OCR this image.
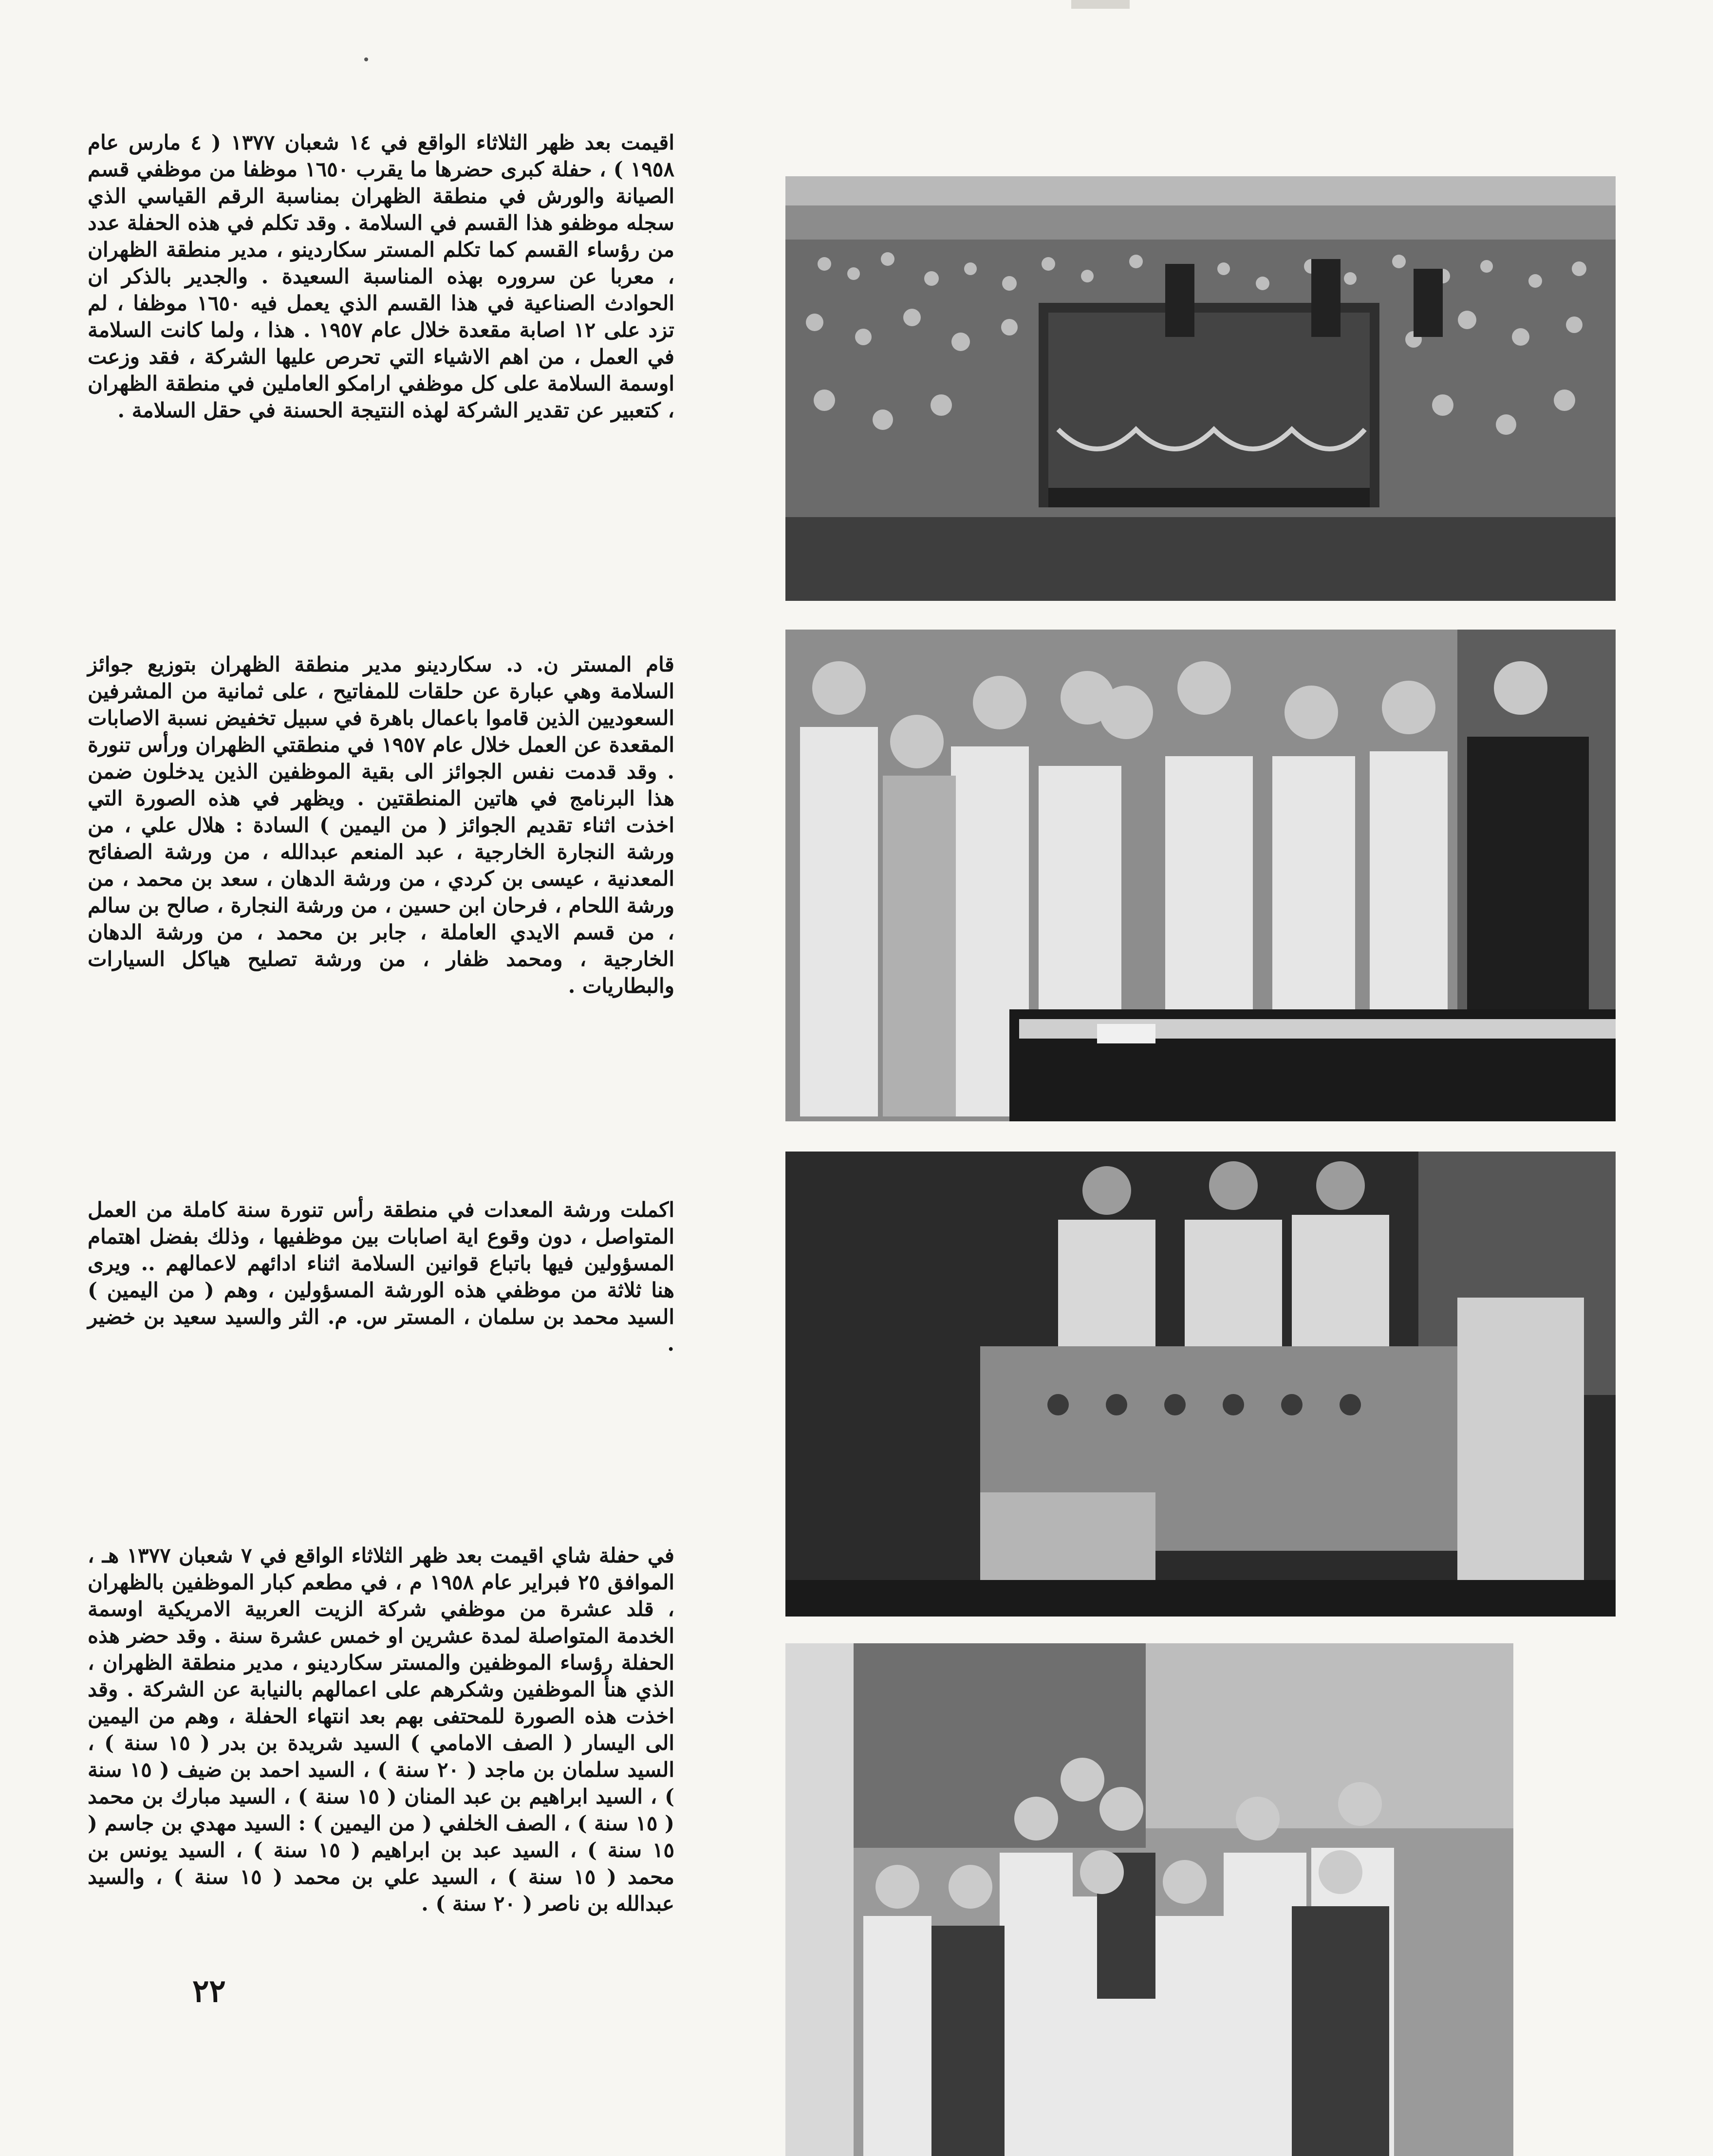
اقيمت بعد ظهر الثلاثاء الواقع في ١٤ شعبان ١٣٧٧ ( ٤ مارس عام ١٩٥٨ ) ، حفلة كبرى حضرها ما يقرب ١٦٥٠ موظفا من موظفي قسم الصيانة والورش في منطقة الظهران بمناسبة الرقم القياسي الذي سجله موظفو هذا القسم في السلامة . وقد تكلم في هذه الحفلة عدد من رؤساء القسم كما تكلم المستر سكاردينو ، مدير منطقة الظهران ، معربا عن سروره بهذه المناسبة السعيدة . والجدير بالذكر ان الحوادث الصناعية في هذا القسم الذي يعمل فيه ١٦٥٠ موظفا ، لم تزد على ١٢ اصابة مقعدة خلال عام ١٩٥٧ . هذا ، ولما كانت السلامة في العمل ، من اهم الاشياء التي تحرص عليها الشركة ، فقد وزعت اوسمة السلامة على كل موظفي ارامكو العاملين في منطقة الظهران ، كتعبير عن تقدير الشركة لهذه النتيجة الحسنة في حقل السلامة .

قام المستر ن. د. سكاردينو مدير منطقة الظهران بتوزيع جوائز السلامة وهي عبارة عن حلقات للمفاتيح ، على ثمانية من المشرفين السعوديين الذين قاموا باعمال باهرة في سبيل تخفيض نسبة الاصابات المقعدة عن العمل خلال عام ١٩٥٧ في منطقتي الظهران ورأس تنورة . وقد قدمت نفس الجوائز الى بقية الموظفين الذين يدخلون ضمن هذا البرنامج في هاتين المنطقتين . ويظهر في هذه الصورة التي اخذت اثناء تقديم الجوائز ( من اليمين ) السادة : هلال علي ، من ورشة النجارة الخارجية ، عبد المنعم عبدالله ، من ورشة الصفائح المعدنية ، عيسى بن كردي ، من ورشة الدهان ، سعد بن محمد ، من ورشة اللحام ، فرحان ابن حسين ، من ورشة النجارة ، صالح بن سالم ، من قسم الايدي العاملة ، جابر بن محمد ، من ورشة الدهان الخارجية ، ومحمد ظفار ، من ورشة تصليح هياكل السيارات والبطاريات .

اكملت ورشة المعدات في منطقة رأس تنورة سنة كاملة من العمل المتواصل ، دون وقوع اية اصابات بين موظفيها ، وذلك بفضل اهتمام المسؤولين فيها باتباع قوانين السلامة اثناء ادائهم لاعمالهم .. ويرى هنا ثلاثة من موظفي هذه الورشة المسؤولين ، وهم ( من اليمين ) السيد محمد بن سلمان ، المستر س. م. الثر والسيد سعيد بن خضير .

في حفلة شاي اقيمت بعد ظهر الثلاثاء الواقع في ٧ شعبان ١٣٧٧ هـ ، الموافق ٢٥ فبراير عام ١٩٥٨ م ، في مطعم كبار الموظفين بالظهران ، قلد عشرة من موظفي شركة الزيت العربية الامريكية اوسمة الخدمة المتواصلة لمدة عشرين او خمس عشرة سنة . وقد حضر هذه الحفلة رؤساء الموظفين والمستر سكاردينو ، مدير منطقة الظهران ، الذي هنأ الموظفين وشكرهم على اعمالهم بالنيابة عن الشركة . وقد اخذت هذه الصورة للمحتفى بهم بعد انتهاء الحفلة ، وهم من اليمين الى اليسار ( الصف الامامي ) السيد شريدة بن بدر ( ١٥ سنة ) ، السيد سلمان بن ماجد ( ٢٠ سنة ) ، السيد احمد بن ضيف ( ١٥ سنة ) ، السيد ابراهيم بن عبد المنان ( ١٥ سنة ) ، السيد مبارك بن محمد ( ١٥ سنة ) ، الصف الخلفي ( من اليمين ) : السيد مهدي بن جاسم ( ١٥ سنة ) ، السيد عبد بن ابراهيم ( ١٥ سنة ) ، السيد يونس بن محمد ( ١٥ سنة ) ، السيد علي بن محمد ( ١٥ سنة ) ، والسيد عبدالله بن ناصر ( ٢٠ سنة ) .

٢٢
